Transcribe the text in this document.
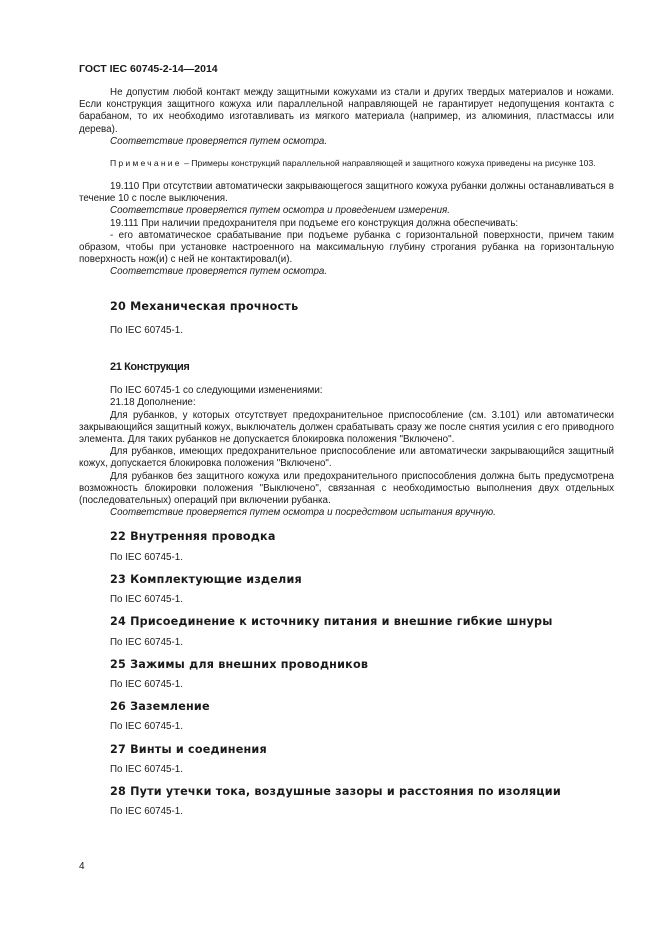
ГОСТ IEC 60745-2-14—2014

Не допустим любой контакт между защитными кожухами из стали и других твердых материалов и ножами. Если конструкция защитного кожуха или параллельной направляющей не гарантирует недопущения контакта с барабаном, то их необходимо изготавливать из мягкого материала (например, из алюминия, пластмассы или дерева).

Соответствие проверяется путем осмотра.

Примечание – Примеры конструкций параллельной направляющей и защитного кожуха приведены на рисунке 103.

19.110 При отсутствии автоматически закрывающегося защитного кожуха рубанки должны останавливаться в течение 10 с после выключения.

Соответствие проверяется путем осмотра и проведением измерения.

19.111 При наличии предохранителя при подъеме его конструкция должна обеспечивать:

- его автоматическое срабатывание при подъеме рубанка с горизонтальной поверхности, причем таким образом, чтобы при установке настроенного на максимальную глубину строгания рубанка на горизонтальную поверхность нож(и) с ней не контактировал(и).

Соответствие проверяется путем осмотра.

20 Механическая прочность

По IEC 60745-1.

21 Конструкция

По IEC 60745-1 со следующими изменениями:

21.18 Дополнение:

Для рубанков, у которых отсутствует предохранительное приспособление (см. 3.101) или автоматически закрывающийся защитный кожух, выключатель должен срабатывать сразу же после снятия усилия с его приводного элемента. Для таких рубанков не допускается блокировка положения "Включено".

Для рубанков, имеющих предохранительное приспособление или автоматически закрывающийся защитный кожух, допускается блокировка положения "Включено".

Для рубанков без защитного кожуха или предохранительного приспособления должна быть предусмотрена возможность блокировки положения "Выключено", связанная с необходимостью выполнения двух отдельных (последовательных) операций при включении рубанка.

Соответствие проверяется путем осмотра и посредством испытания вручную.

22 Внутренняя проводка

По IEC 60745-1.

23 Комплектующие изделия

По IEC 60745-1.

24 Присоединение к источнику питания и внешние гибкие шнуры

По IEC 60745-1.

25 Зажимы для внешних проводников

По IEC 60745-1.

26 Заземление

По IEC 60745-1.

27 Винты и соединения

По IEC 60745-1.

28 Пути утечки тока, воздушные зазоры и расстояния по изоляции

По IEC 60745-1.

4
